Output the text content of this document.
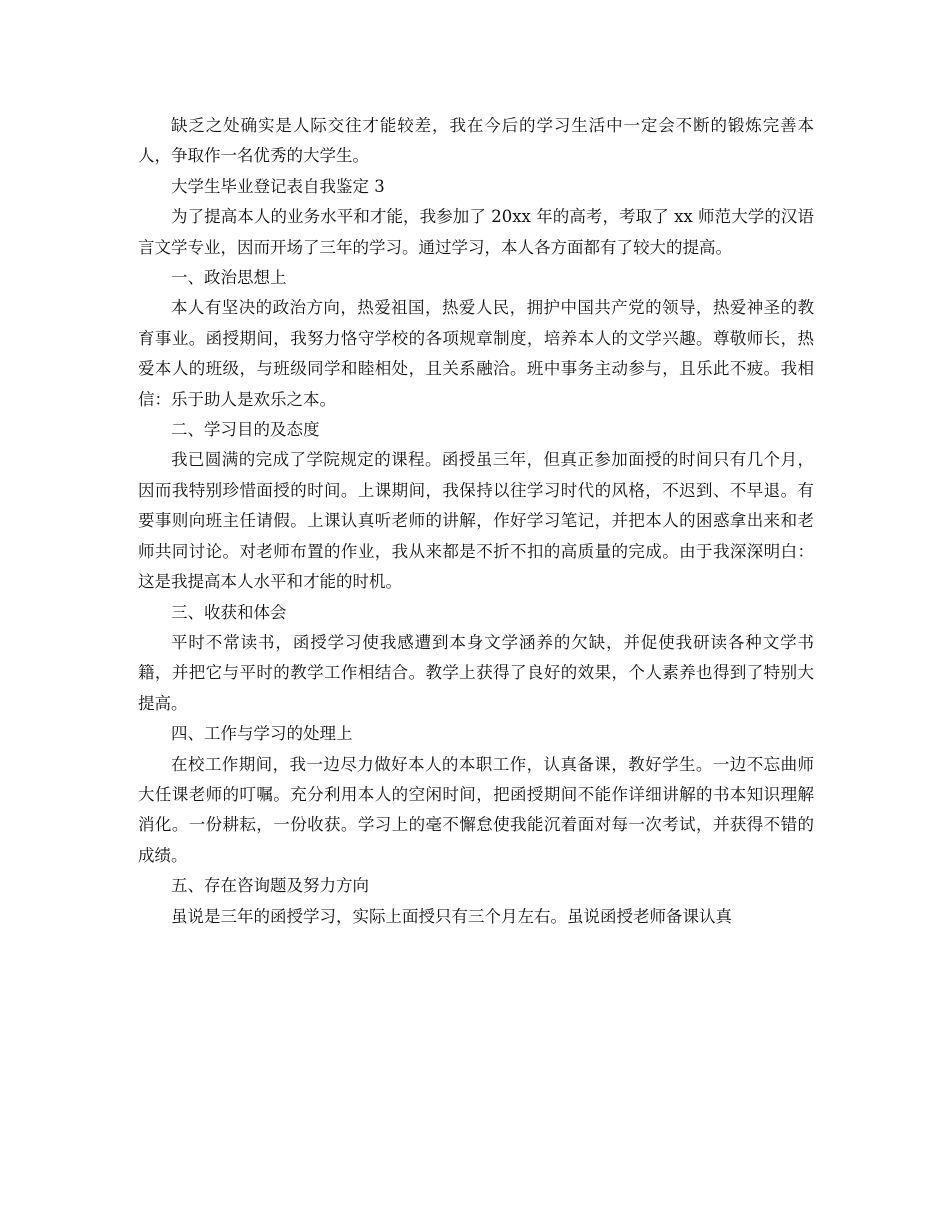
缺乏之处确实是人际交往才能较差，我在今后的学习生活中一定会不断的锻炼完善本人，争取作一名优秀的大学生。

大学生毕业登记表自我鉴定 3

为了提高本人的业务水平和才能，我参加了 20xx 年的高考，考取了 xx 师范大学的汉语言文学专业，因而开场了三年的学习。通过学习，本人各方面都有了较大的提高。

一、政治思想上

本人有坚决的政治方向，热爱祖国，热爱人民，拥护中国共产党的领导，热爱神圣的教育事业。函授期间，我努力恪守学校的各项规章制度，培养本人的文学兴趣。尊敬师长，热爱本人的班级，与班级同学和睦相处，且关系融洽。班中事务主动参与，且乐此不疲。我相信：乐于助人是欢乐之本。

二、学习目的及态度

我已圆满的完成了学院规定的课程。函授虽三年，但真正参加面授的时间只有几个月，因而我特别珍惜面授的时间。上课期间，我保持以往学习时代的风格，不迟到、不早退。有要事则向班主任请假。上课认真听老师的讲解，作好学习笔记，并把本人的困惑拿出来和老师共同讨论。对老师布置的作业，我从来都是不折不扣的高质量的完成。由于我深深明白：这是我提高本人水平和才能的时机。

三、收获和体会

平时不常读书，函授学习使我感遭到本身文学涵养的欠缺，并促使我研读各种文学书籍，并把它与平时的教学工作相结合。教学上获得了良好的效果，个人素养也得到了特别大提高。

四、工作与学习的处理上

在校工作期间，我一边尽力做好本人的本职工作，认真备课，教好学生。一边不忘曲师大任课老师的叮嘱。充分利用本人的空闲时间，把函授期间不能作详细讲解的书本知识理解消化。一份耕耘，一份收获。学习上的毫不懈怠使我能沉着面对每一次考试，并获得不错的成绩。

五、存在咨询题及努力方向

虽说是三年的函授学习，实际上面授只有三个月左右。虽说函授老师备课认真
